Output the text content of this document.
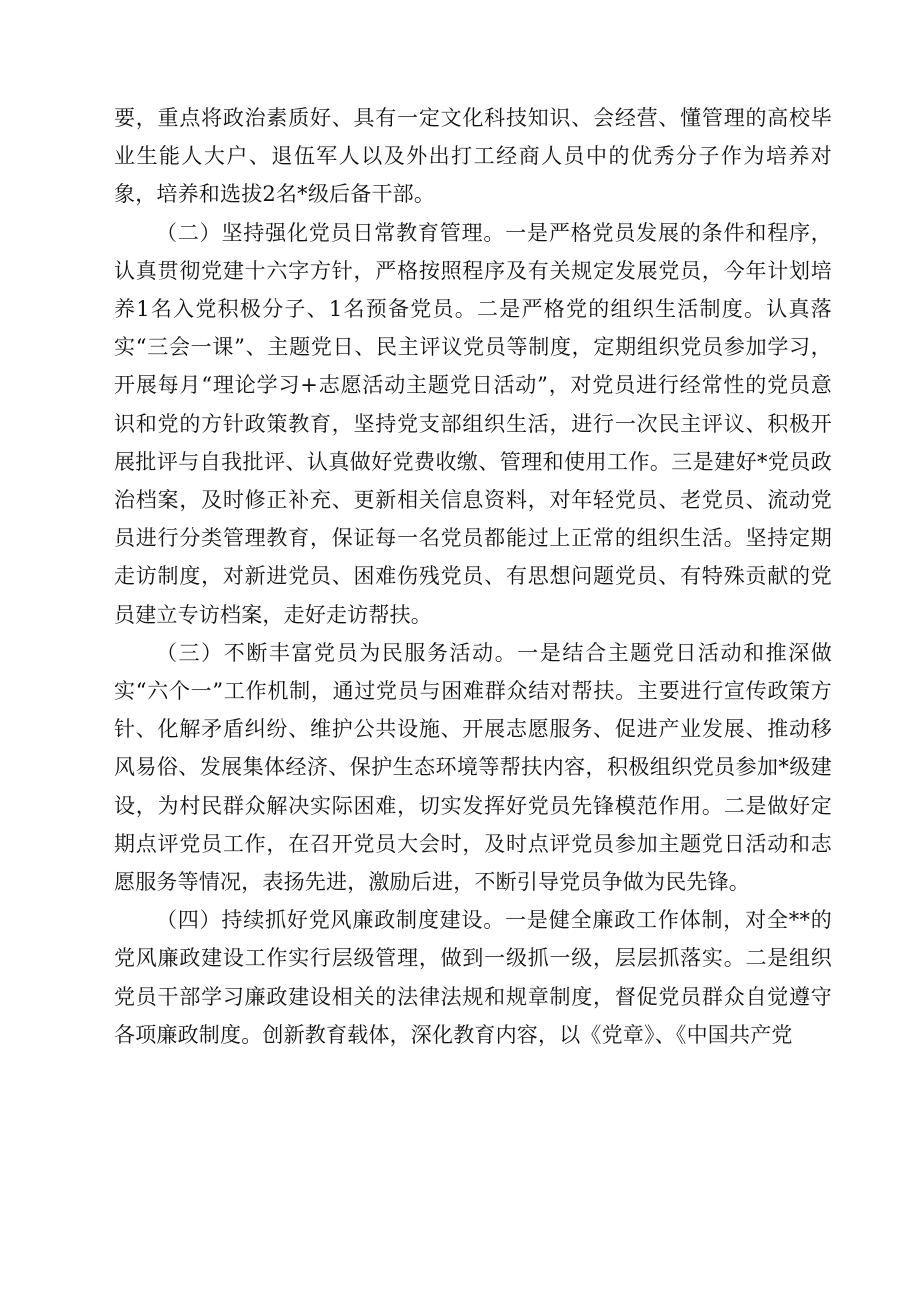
要，重点将政治素质好、具有一定文化科技知识、会经营、懂管理的高校毕业生能人大户、退伍军人以及外出打工经商人员中的优秀分子作为培养对象，培养和选拔2名*级后备干部。

（二）坚持强化党员日常教育管理。一是严格党员发展的条件和程序，认真贯彻党建十六字方针，严格按照程序及有关规定发展党员，今年计划培养1名入党积极分子、1名预备党员。二是严格党的组织生活制度。认真落实“三会一课”、主题党日、民主评议党员等制度，定期组织党员参加学习，开展每月“理论学习+志愿活动主题党日活动”，对党员进行经常性的党员意识和党的方针政策教育，坚持党支部组织生活，进行一次民主评议、积极开展批评与自我批评、认真做好党费收缴、管理和使用工作。三是建好*党员政治档案，及时修正补充、更新相关信息资料，对年轻党员、老党员、流动党员进行分类管理教育，保证每一名党员都能过上正常的组织生活。坚持定期走访制度，对新进党员、困难伤残党员、有思想问题党员、有特殊贡献的党员建立专访档案，走好走访帮扶。

（三）不断丰富党员为民服务活动。一是结合主题党日活动和推深做实“六个一”工作机制，通过党员与困难群众结对帮扶。主要进行宣传政策方针、化解矛盾纠纷、维护公共设施、开展志愿服务、促进产业发展、推动移风易俗、发展集体经济、保护生态环境等帮扶内容，积极组织党员参加*级建设，为村民群众解决实际困难，切实发挥好党员先锋模范作用。二是做好定期点评党员工作，在召开党员大会时，及时点评党员参加主题党日活动和志愿服务等情况，表扬先进，激励后进，不断引导党员争做为民先锋。

（四）持续抓好党风廉政制度建设。一是健全廉政工作体制，对全**的党风廉政建设工作实行层级管理，做到一级抓一级，层层抓落实。二是组织党员干部学习廉政建设相关的法律法规和规章制度，督促党员群众自觉遵守各项廉政制度。创新教育载体，深化教育内容，以《党章》、《中国共产党
